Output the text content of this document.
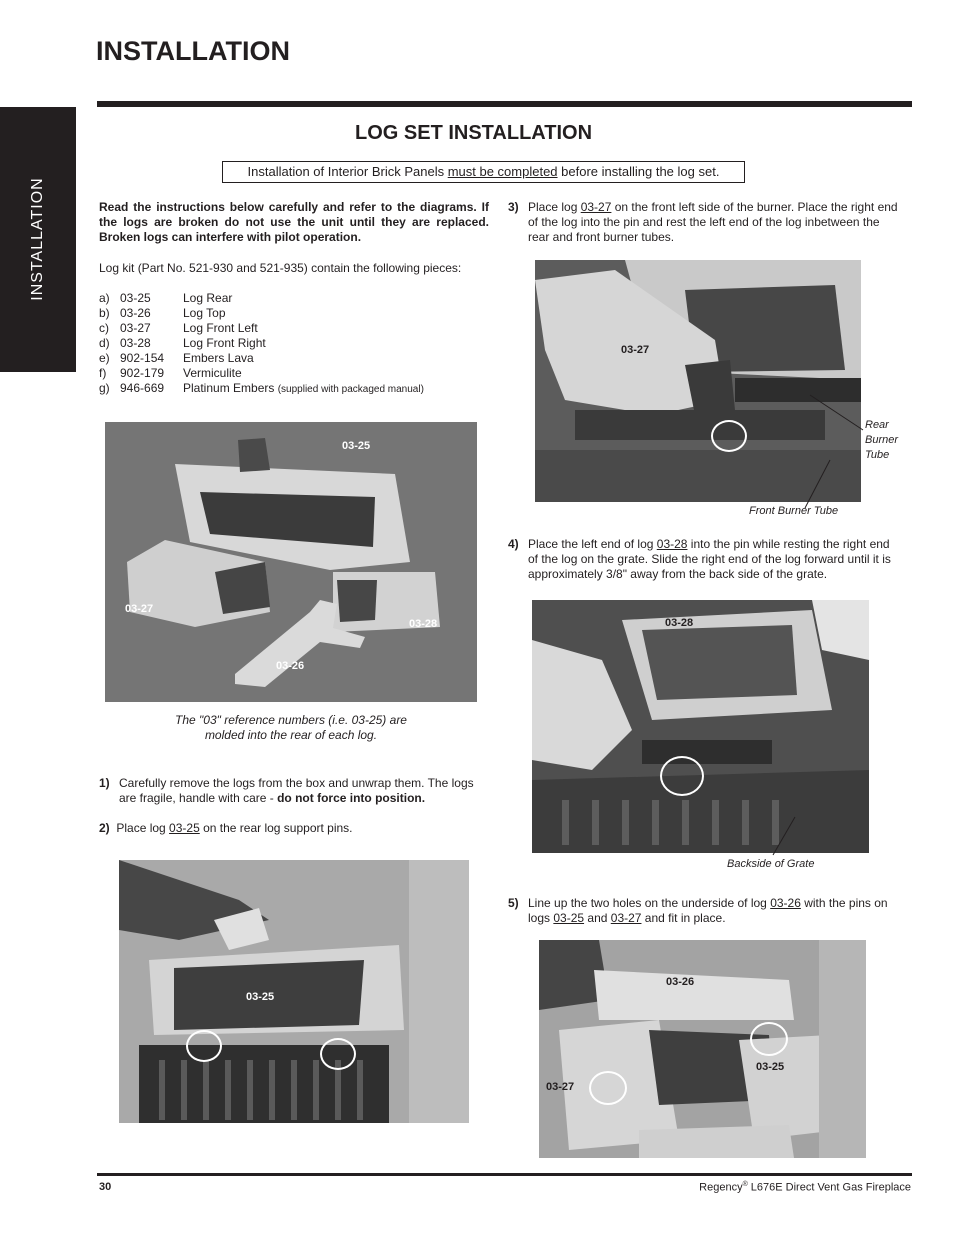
INSTALLATION
INSTALLATION
LOG SET INSTALLATION
Installation of Interior Brick Panels must be completed before installing the log set.
Read the instructions below carefully and refer to the diagrams. If the logs are broken do not use the unit until they are replaced. Broken logs can interfere with pilot operation.
Log kit (Part No. 521-930 and 521-935) contain the following pieces:
a) 03-25	Log Rear
b) 03-26	Log Top
c) 03-27	Log Front Left
d) 03-28	Log Front Right
e) 902-154 Embers Lava
f) 902-179 Vermiculite
g) 946-669 Platinum Embers (supplied with packaged manual)
03-25
03-27
03-28
03-26
The "03" reference numbers (i.e. 03-25) are
molded into the rear of each log.
1) Carefully remove the logs from the box and unwrap them. The logs are fragile, handle with care - do not force into position.
2) Place log 03-25 on the rear log support pins.
03-25
3) Place log 03-27 on the front left side of the burner. Place the right end of the log into the pin and rest the left end of the log inbetween the rear and front burner tubes.
03-27
Rear
Burner
Tube
Front Burner Tube
4) Place the left end of log 03-28 into the pin while resting the right end of the log on the grate. Slide the right end of the log forward until it is approximately 3/8" away from the back side of the grate.
03-28
Backside of Grate
5) Line up the two holes on the underside of log 03-26 with the pins on logs 03-25 and 03-27 and fit in place.
03-26
03-25
03-27
30	Regency® L676E Direct Vent Gas Fireplace
